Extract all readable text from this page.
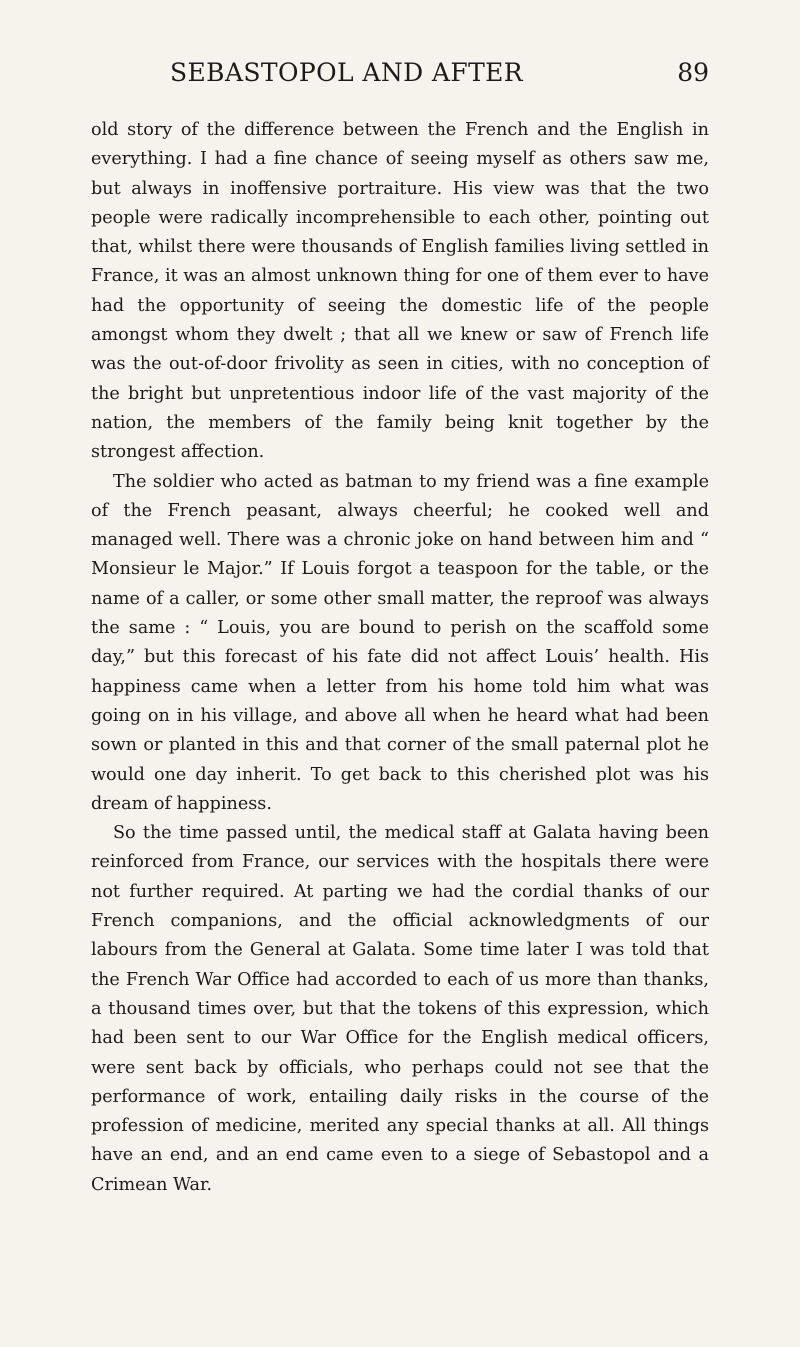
SEBASTOPOL AND AFTER	89

old story of the difference between the French and the English in everything. I had a fine chance of seeing myself as others saw me, but always in inoffensive portraiture. His view was that the two people were radically incomprehensible to each other, pointing out that, whilst there were thousands of English families living settled in France, it was an almost unknown thing for one of them ever to have had the opportunity of seeing the domestic life of the people amongst whom they dwelt ; that all we knew or saw of French life was the out-of-door frivolity as seen in cities, with no conception of the bright but unpretentious indoor life of the vast majority of the nation, the members of the family being knit together by the strongest affection.

The soldier who acted as batman to my friend was a fine example of the French peasant, always cheerful; he cooked well and managed well. There was a chronic joke on hand between him and “ Monsieur le Major.” If Louis forgot a teaspoon for the table, or the name of a caller, or some other small matter, the reproof was always the same : “ Louis, you are bound to perish on the scaffold some day,” but this forecast of his fate did not affect Louis’ health. His happiness came when a letter from his home told him what was going on in his village, and above all when he heard what had been sown or planted in this and that corner of the small paternal plot he would one day inherit. To get back to this cherished plot was his dream of happiness.

So the time passed until, the medical staff at Galata having been reinforced from France, our services with the hospitals there were not further required. At parting we had the cordial thanks of our French companions, and the official acknowledgments of our labours from the General at Galata. Some time later I was told that the French War Office had accorded to each of us more than thanks, a thousand times over, but that the tokens of this expression, which had been sent to our War Office for the English medical officers, were sent back by officials, who perhaps could not see that the performance of work, entailing daily risks in the course of the profession of medicine, merited any special thanks at all. All things have an end, and an end came even to a siege of Sebastopol and a Crimean War.
